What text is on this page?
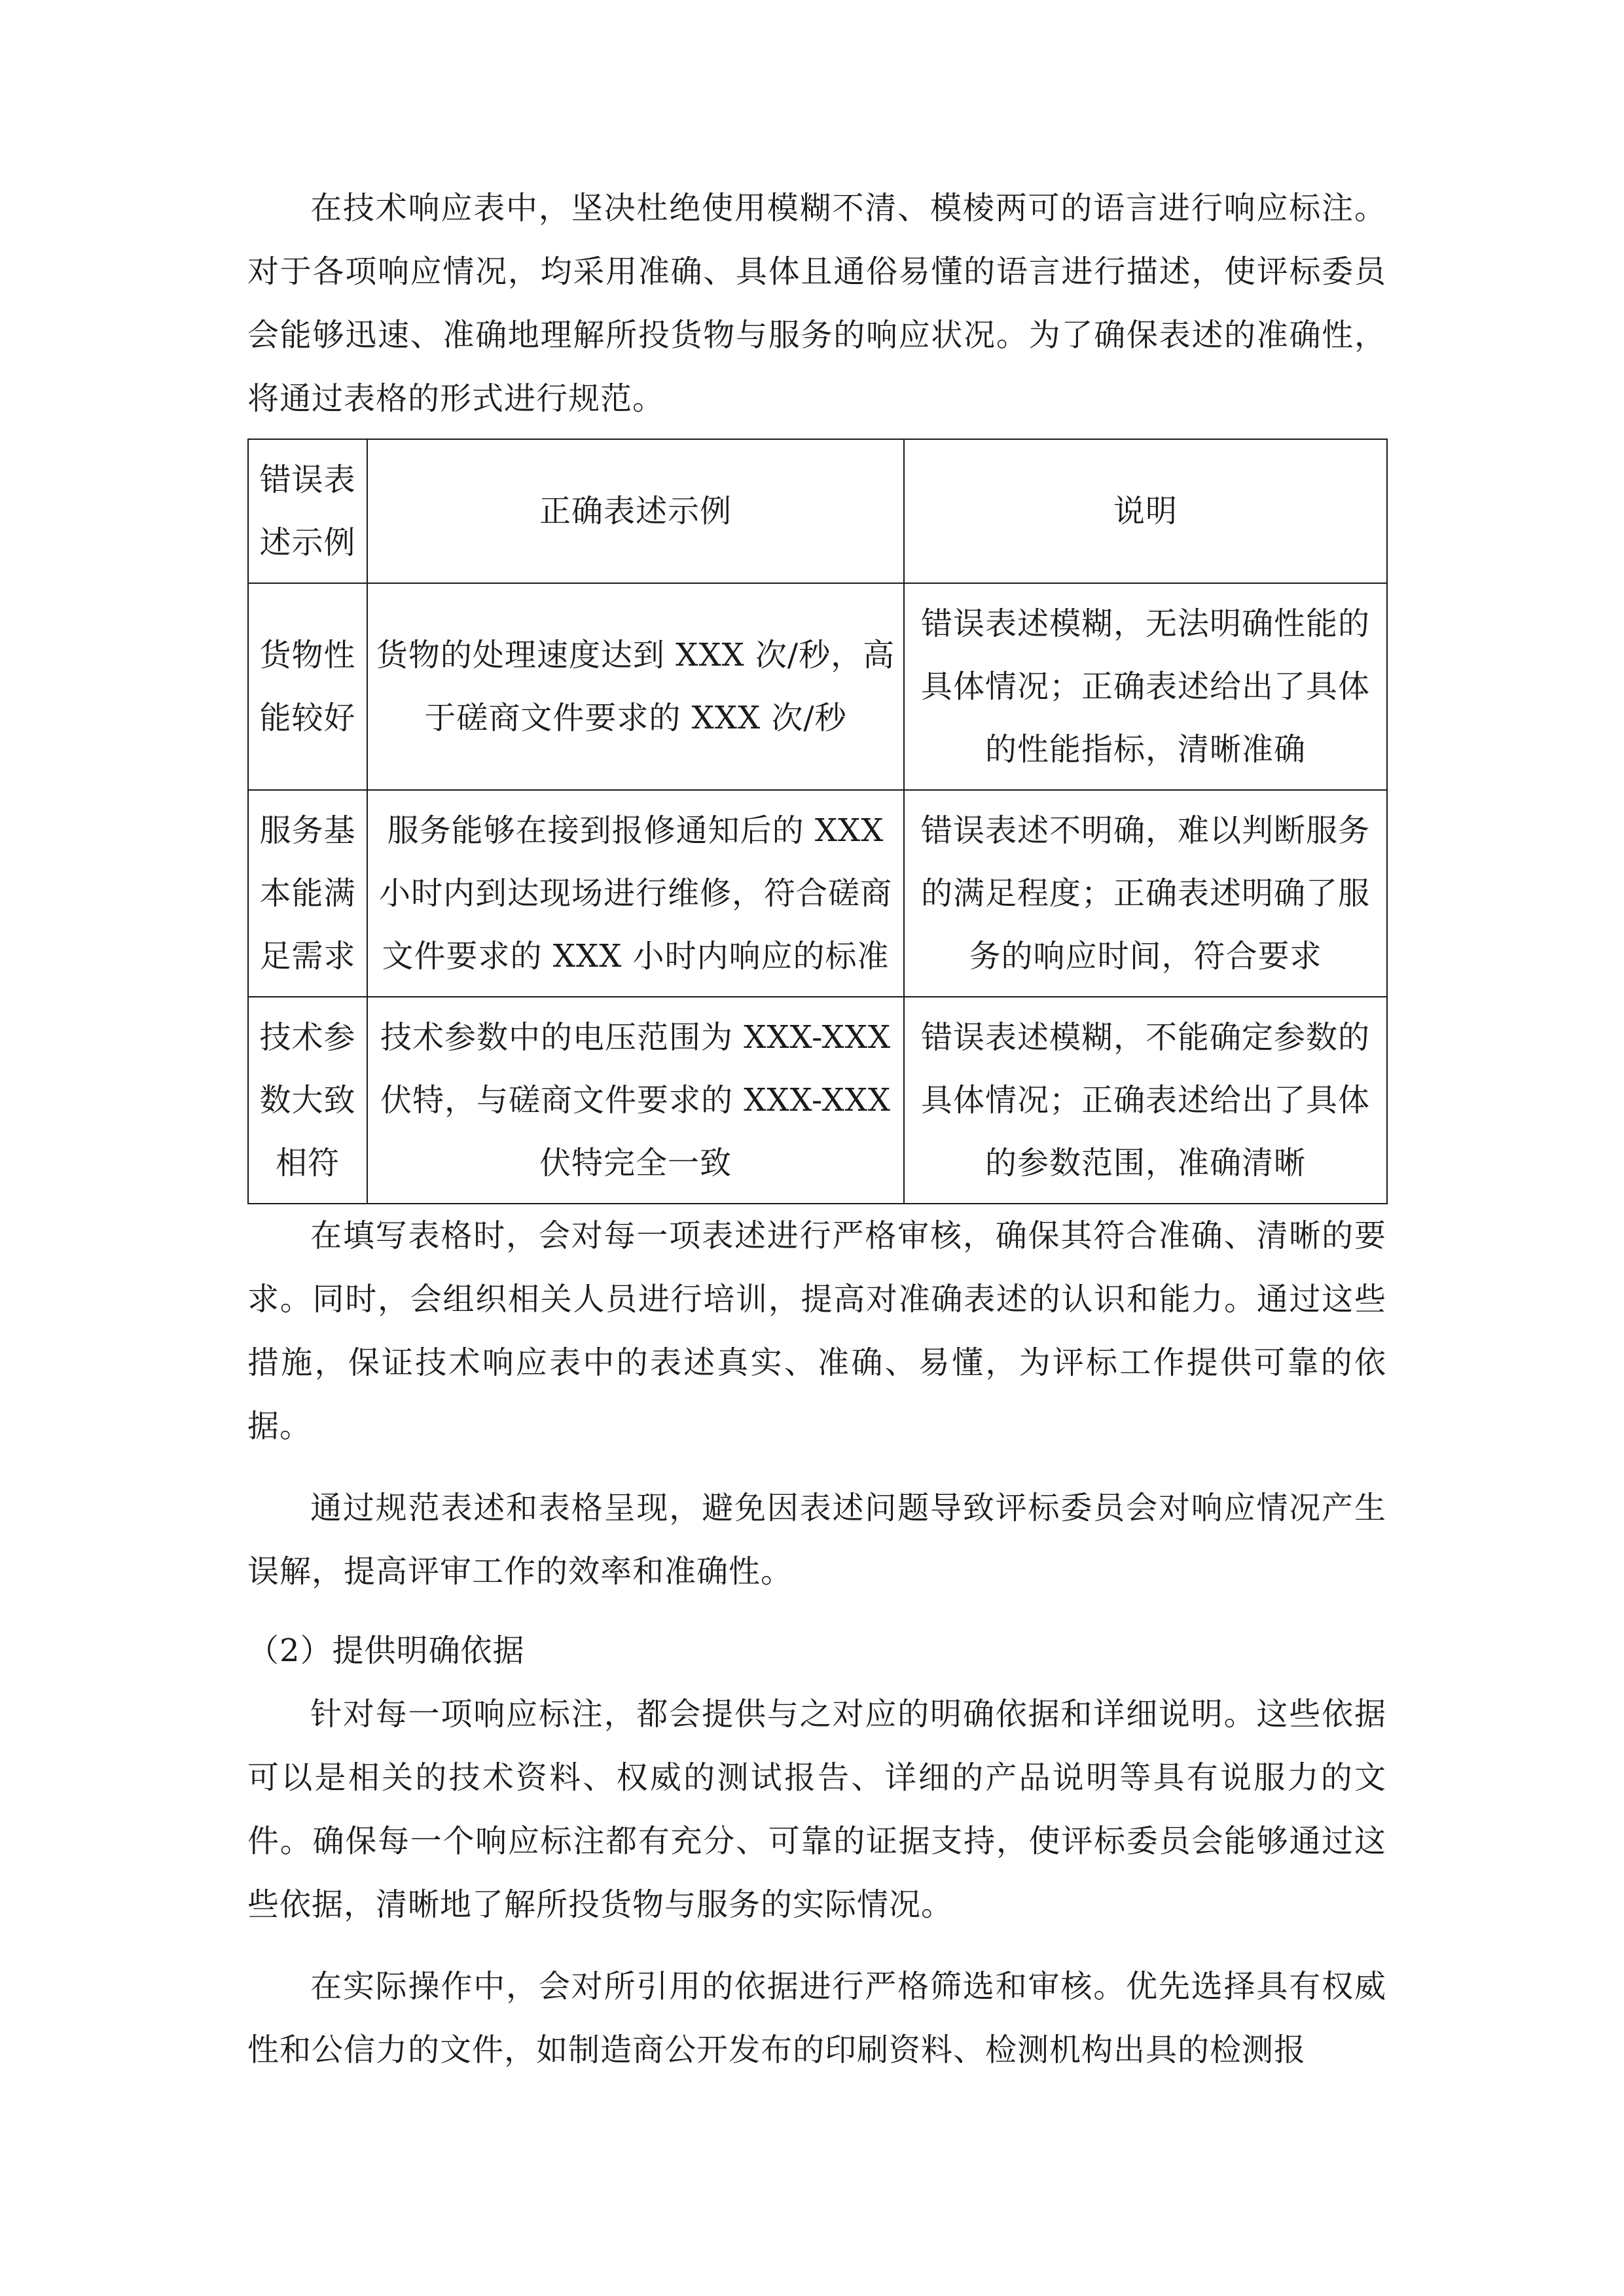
在技术响应表中，坚决杜绝使用模糊不清、模棱两可的语言进行响应标注。对于各项响应情况，均采用准确、具体且通俗易懂的语言进行描述，使评标委员会能够迅速、准确地理解所投货物与服务的响应状况。为了确保表述的准确性，将通过表格的形式进行规范。

错误表述示例	正确表述示例	说明
货物性能较好	货物的处理速度达到 XXX 次/秒，高于磋商文件要求的 XXX 次/秒	错误表述模糊，无法明确性能的具体情况；正确表述给出了具体的性能指标，清晰准确
服务基本能满足需求	服务能够在接到报修通知后的 XXX 小时内到达现场进行维修，符合磋商文件要求的 XXX 小时内响应的标准	错误表述不明确，难以判断服务的满足程度；正确表述明确了服务的响应时间，符合要求
技术参数大致相符	技术参数中的电压范围为 XXX-XXX 伏特，与磋商文件要求的 XXX-XXX 伏特完全一致	错误表述模糊，不能确定参数的具体情况；正确表述给出了具体的参数范围，准确清晰

在填写表格时，会对每一项表述进行严格审核，确保其符合准确、清晰的要求。同时，会组织相关人员进行培训，提高对准确表述的认识和能力。通过这些措施，保证技术响应表中的表述真实、准确、易懂，为评标工作提供可靠的依据。

通过规范表述和表格呈现，避免因表述问题导致评标委员会对响应情况产生误解，提高评审工作的效率和准确性。

（2）提供明确依据

针对每一项响应标注，都会提供与之对应的明确依据和详细说明。这些依据可以是相关的技术资料、权威的测试报告、详细的产品说明等具有说服力的文件。确保每一个响应标注都有充分、可靠的证据支持，使评标委员会能够通过这些依据，清晰地了解所投货物与服务的实际情况。

在实际操作中，会对所引用的依据进行严格筛选和审核。优先选择具有权威性和公信力的文件，如制造商公开发布的印刷资料、检测机构出具的检测报
